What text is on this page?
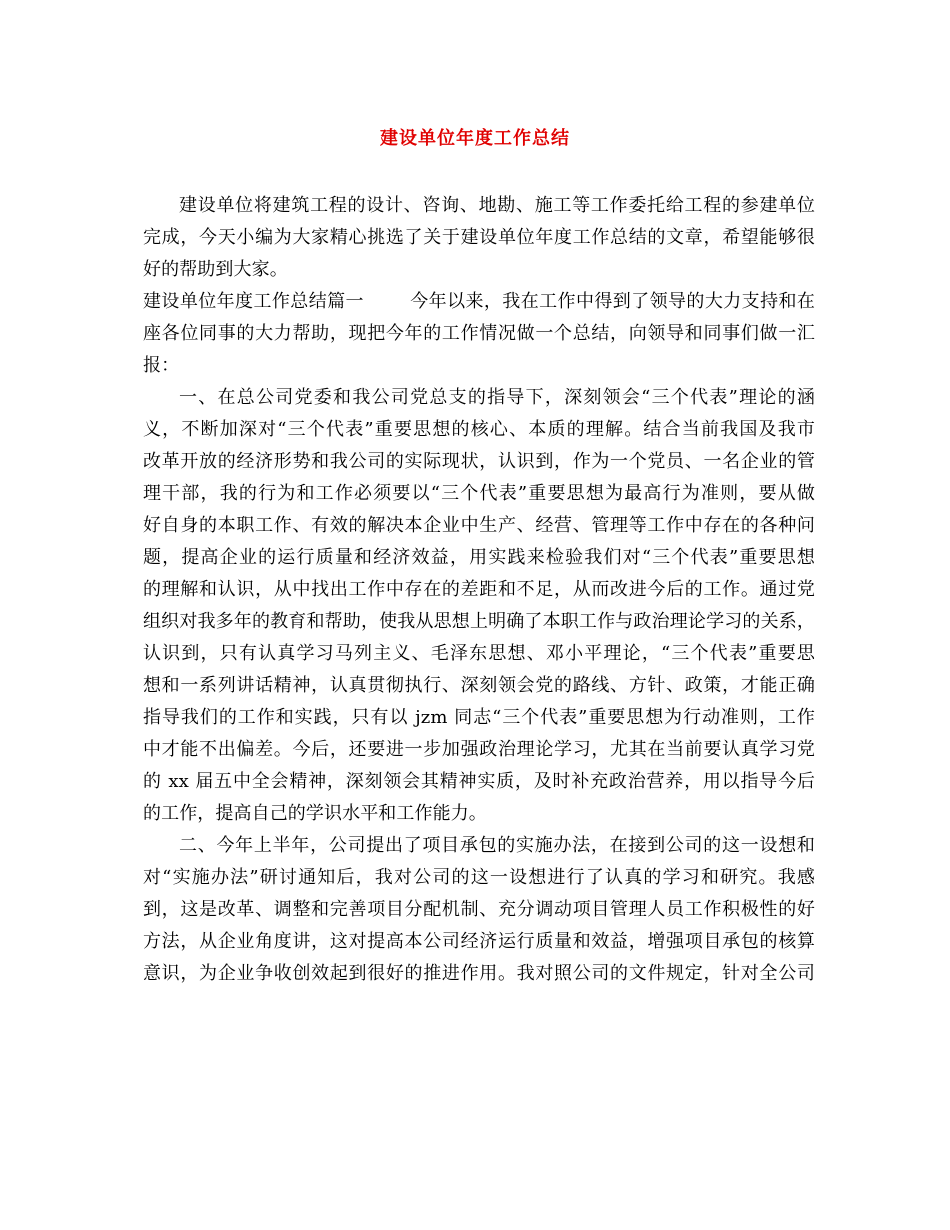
建设单位年度工作总结
建设单位将建筑工程的设计、咨询、地勘、施工等工作委托给工程的参建单位
完成，今天小编为大家精心挑选了关于建设单位年度工作总结的文章，希望能够很
好的帮助到大家。
建设单位年度工作总结篇一	今年以来，我在工作中得到了领导的大力支持和在
座各位同事的大力帮助，现把今年的工作情况做一个总结，向领导和同事们做一汇
报：
一、在总公司党委和我公司党总支的指导下，深刻领会“三个代表”理论的涵
义，不断加深对“三个代表”重要思想的核心、本质的理解。结合当前我国及我市
改革开放的经济形势和我公司的实际现状，认识到，作为一个党员、一名企业的管
理干部，我的行为和工作必须要以“三个代表”重要思想为最高行为准则，要从做
好自身的本职工作、有效的解决本企业中生产、经营、管理等工作中存在的各种问
题，提高企业的运行质量和经济效益，用实践来检验我们对“三个代表”重要思想
的理解和认识，从中找出工作中存在的差距和不足，从而改进今后的工作。通过党
组织对我多年的教育和帮助，使我从思想上明确了本职工作与政治理论学习的关系，
认识到，只有认真学习马列主义、毛泽东思想、邓小平理论，“三个代表”重要思
想和一系列讲话精神，认真贯彻执行、深刻领会党的路线、方针、政策，才能正确
指导我们的工作和实践，只有以 jzm 同志“三个代表”重要思想为行动准则，工作
中才能不出偏差。今后，还要进一步加强政治理论学习，尤其在当前要认真学习党
的 xx 届五中全会精神，深刻领会其精神实质，及时补充政治营养，用以指导今后
的工作，提高自己的学识水平和工作能力。
二、今年上半年，公司提出了项目承包的实施办法，在接到公司的这一设想和
对“实施办法”研讨通知后，我对公司的这一设想进行了认真的学习和研究。我感
到，这是改革、调整和完善项目分配机制、充分调动项目管理人员工作积极性的好
方法，从企业角度讲，这对提高本公司经济运行质量和效益，增强项目承包的核算
意识，为企业争收创效起到很好的推进作用。我对照公司的文件规定，针对全公司
